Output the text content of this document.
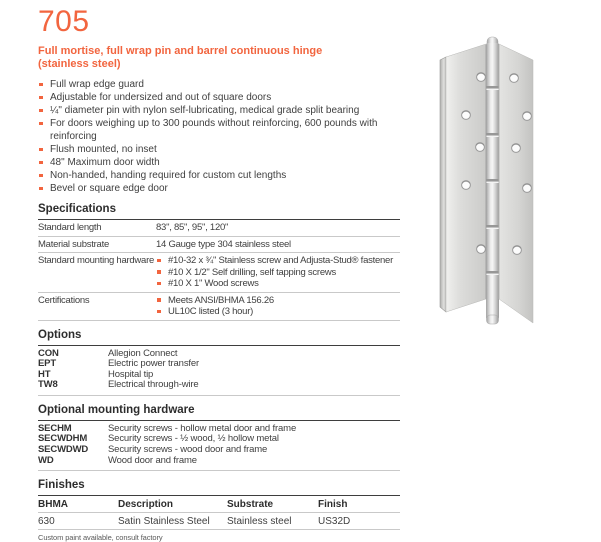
705
Full mortise, full wrap pin and barrel continuous hinge
(stainless steel)
Full wrap edge guard
Adjustable for undersized and out of square doors
¼" diameter pin with nylon self-lubricating, medical grade split bearing
For doors weighing up to 300 pounds without reinforcing, 600 pounds with reinforcing
Flush mounted, no inset
48" Maximum door width
Non-handed, handing required for custom cut lengths
Bevel or square edge door
Specifications
Standard length	83", 85", 95", 120"
Material substrate	14 Gauge type 304 stainless steel
Standard mounting hardware	#10-32 x ¾" Stainless screw and Adjusta-Stud® fastener
#10 X 1/2" Self drilling, self tapping screws
#10 X 1" Wood screws
Certifications	Meets ANSI/BHMA 156.26
UL10C listed (3 hour)
Options
CON	Allegion Connect
EPT	Electric power transfer
HT	Hospital tip
TW8	Electrical through-wire
Optional mounting hardware
SECHM	Security screws - hollow metal door and frame
SECWDHM	Security screws - ½ wood, ½ hollow metal
SECWDWD	Security screws - wood door and frame
WD	Wood door and frame
Finishes
BHMA	Description	Substrate	Finish
630	Satin Stainless Steel	Stainless steel	US32D
Custom paint available, consult factory
